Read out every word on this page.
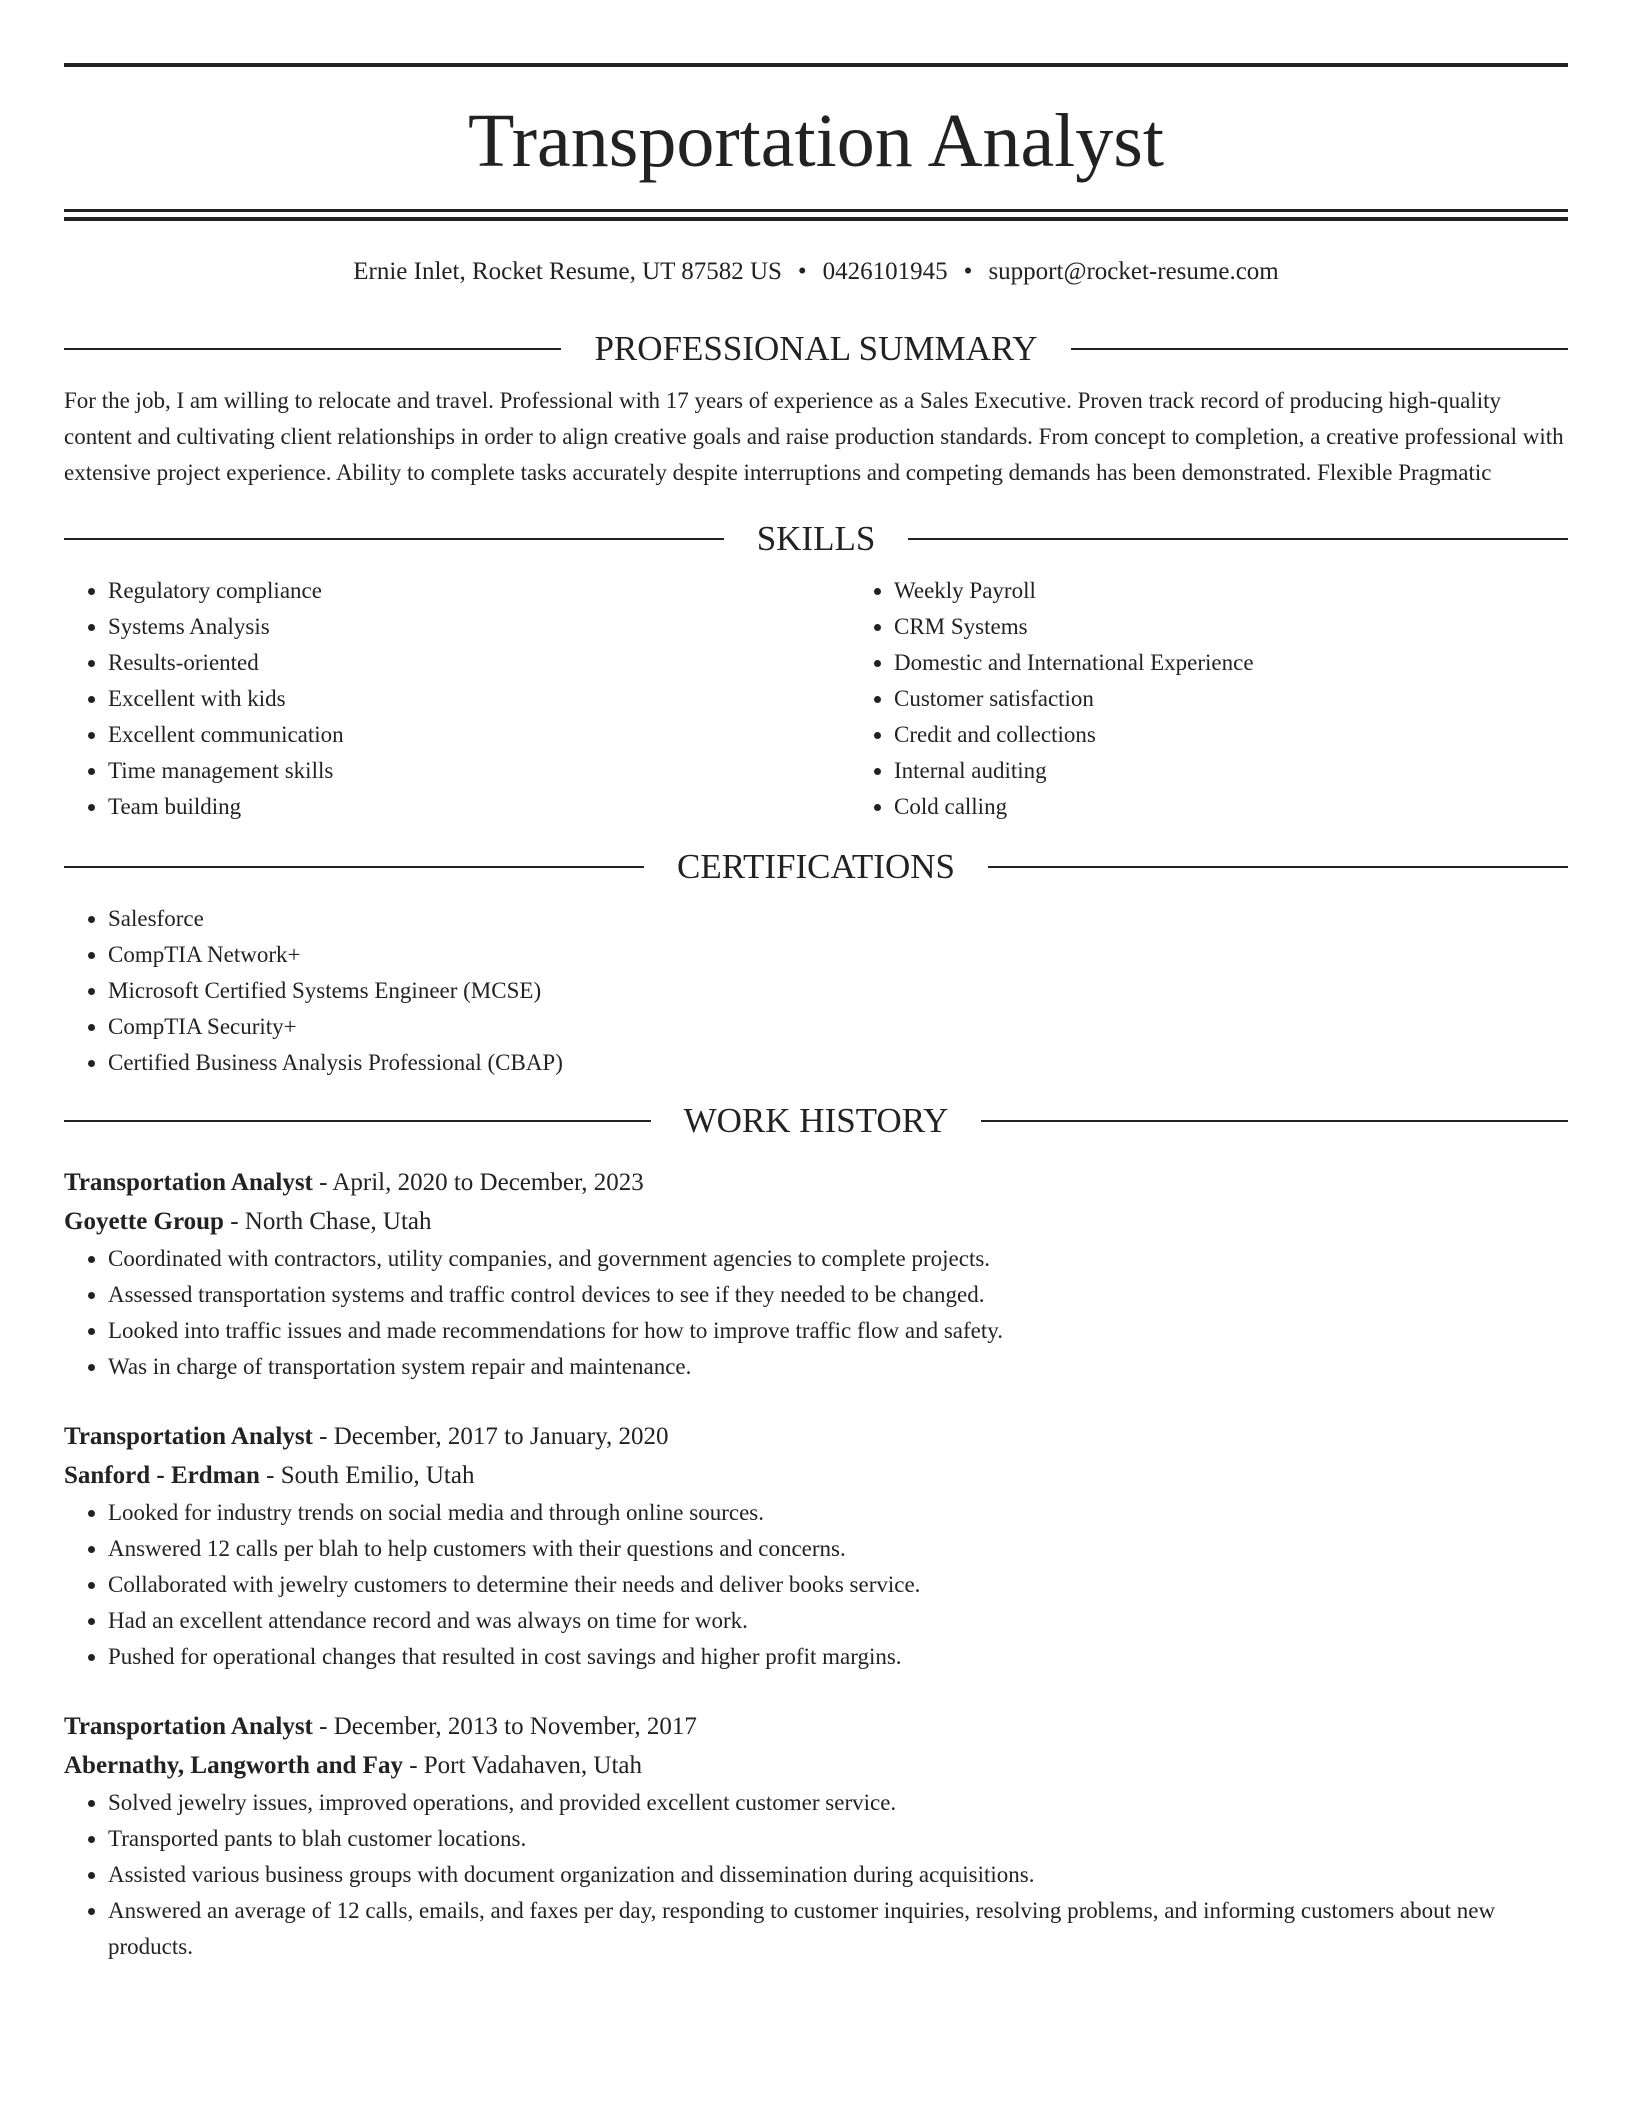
Transportation Analyst
Ernie Inlet, Rocket Resume, UT 87582 US • 0426101945 • support@rocket-resume.com
PROFESSIONAL SUMMARY

For the job, I am willing to relocate and travel. Professional with 17 years of experience as a Sales Executive. Proven track record of producing high-quality content and cultivating client relationships in order to align creative goals and raise production standards. From concept to completion, a creative professional with extensive project experience. Ability to complete tasks accurately despite interruptions and competing demands has been demonstrated. Flexible Pragmatic

SKILLS
• Regulatory compliance
• Systems Analysis
• Results-oriented
• Excellent with kids
• Excellent communication
• Time management skills
• Team building
• Weekly Payroll
• CRM Systems
• Domestic and International Experience
• Customer satisfaction
• Credit and collections
• Internal auditing
• Cold calling
CERTIFICATIONS
• Salesforce
• CompTIA Network+
• Microsoft Certified Systems Engineer (MCSE)
• CompTIA Security+
• Certified Business Analysis Professional (CBAP)
WORK HISTORY
Transportation Analyst - April, 2020 to December, 2023
Goyette Group - North Chase, Utah
• Coordinated with contractors, utility companies, and government agencies to complete projects.
• Assessed transportation systems and traffic control devices to see if they needed to be changed.
• Looked into traffic issues and made recommendations for how to improve traffic flow and safety.
• Was in charge of transportation system repair and maintenance.
Transportation Analyst - December, 2017 to January, 2020
Sanford - Erdman - South Emilio, Utah
• Looked for industry trends on social media and through online sources.
• Answered 12 calls per blah to help customers with their questions and concerns.
• Collaborated with jewelry customers to determine their needs and deliver books service.
• Had an excellent attendance record and was always on time for work.
• Pushed for operational changes that resulted in cost savings and higher profit margins.
Transportation Analyst - December, 2013 to November, 2017
Abernathy, Langworth and Fay - Port Vadahaven, Utah
• Solved jewelry issues, improved operations, and provided excellent customer service.
• Transported pants to blah customer locations.
• Assisted various business groups with document organization and dissemination during acquisitions.
• Answered an average of 12 calls, emails, and faxes per day, responding to customer inquiries, resolving problems, and informing customers about new products.
